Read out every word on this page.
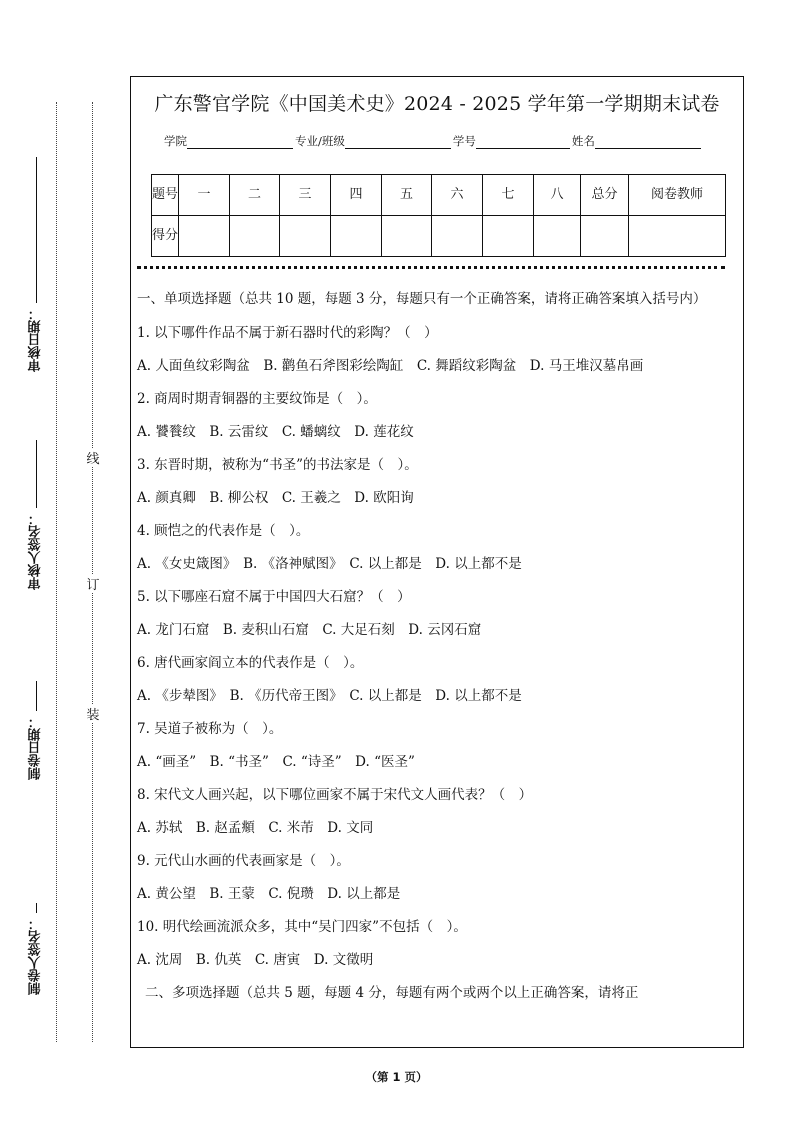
审核日期：
审核人签名：
制卷日期：
制卷人签名：
线
订
装
广东警官学院《中国美术史》2024 - 2025 学年第一学期期末试卷
学院	专业/班级	学号	姓名
题号	一	二	三	四	五	六	七	八	总分	阅卷教师
得分										

一、单项选择题（总共 10 题，每题 3 分，每题只有一个正确答案，请将正确答案填入括号内）

1. 以下哪件作品不属于新石器时代的彩陶？（　）

A. 人面鱼纹彩陶盆　B. 鹳鱼石斧图彩绘陶缸　C. 舞蹈纹彩陶盆　D. 马王堆汉墓帛画

2. 商周时期青铜器的主要纹饰是（　）。

A. 饕餮纹　B. 云雷纹　C. 蟠螭纹　D. 莲花纹

3. 东晋时期，被称为“书圣”的书法家是（　）。

A. 颜真卿　B. 柳公权　C. 王羲之　D. 欧阳询

4. 顾恺之的代表作是（　）。

A. 《女史箴图》　B. 《洛神赋图》　C. 以上都是　D. 以上都不是

5. 以下哪座石窟不属于中国四大石窟？（　）

A. 龙门石窟　B. 麦积山石窟　C. 大足石刻　D. 云冈石窟

6. 唐代画家阎立本的代表作是（　）。

A. 《步辇图》　B. 《历代帝王图》　C. 以上都是　D. 以上都不是

7. 吴道子被称为（　）。

A. “画圣”　B. “书圣”　C. “诗圣”　D. “医圣”

8. 宋代文人画兴起，以下哪位画家不属于宋代文人画代表？（　）

A. 苏轼　B. 赵孟頫　C. 米芾　D. 文同

9. 元代山水画的代表画家是（　）。

A. 黄公望　B. 王蒙　C. 倪瓒　D. 以上都是

10. 明代绘画流派众多，其中“吴门四家”不包括（　）。

A. 沈周　B. 仇英　C. 唐寅　D. 文徵明

二、多项选择题（总共 5 题，每题 4 分，每题有两个或两个以上正确答案，请将正

（第 1 页）
